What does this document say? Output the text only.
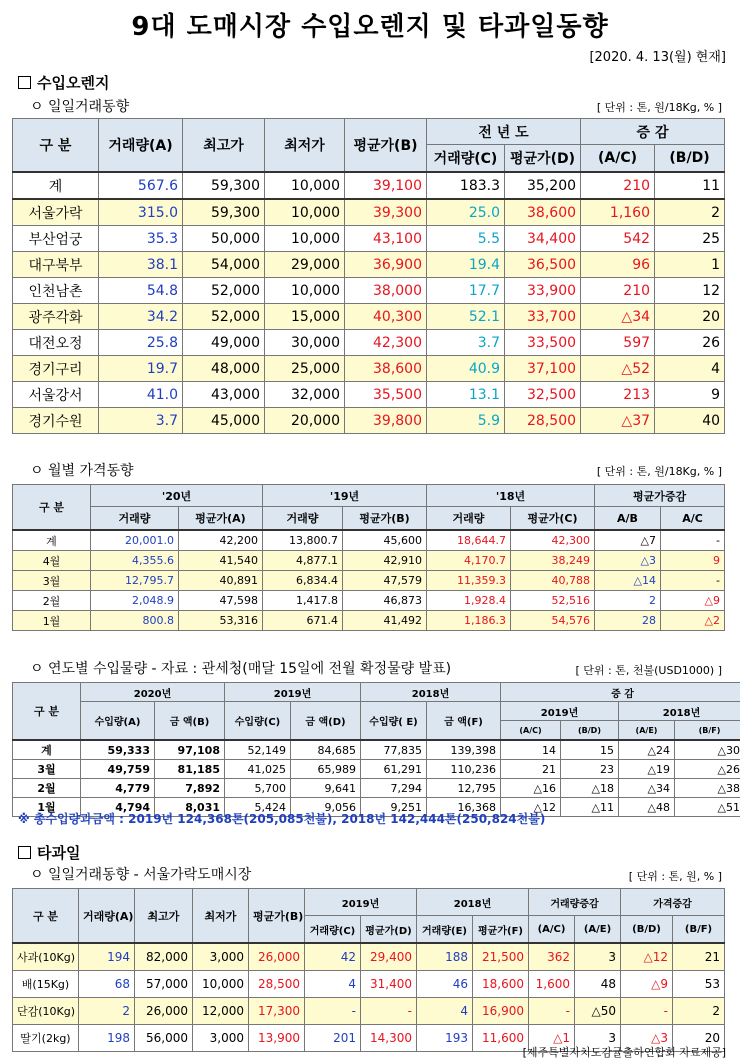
9대 도매시장 수입오렌지 및 타과일동향
[2020. 4. 13(월) 현재]
수입오렌지
ㅇ 일일거래동향	[ 단위 : 톤, 원/18Kg, % ]
구 분	거래량(A)	최고가	최저가	평균가(B)	전 년 도		증 감	
					거래량(C)	평균가(D)	(A/C)	(B/D)
계	567.6	59,300	10,000	39,100	183.3	35,200	210	11
서울가락	315.0	59,300	10,000	39,300	25.0	38,600	1,160	2
부산엄궁	35.3	50,000	10,000	43,100	5.5	34,400	542	25
대구북부	38.1	54,000	29,000	36,900	19.4	36,500	96	1
인천남촌	54.8	52,000	10,000	38,000	17.7	33,900	210	12
광주각화	34.2	52,000	15,000	40,300	52.1	33,700	△34	20
대전오정	25.8	49,000	30,000	42,300	3.7	33,500	597	26
경기구리	19.7	48,000	25,000	38,600	40.9	37,100	△52	4
서울강서	41.0	43,000	32,000	35,500	13.1	32,500	213	9
경기수원	3.7	45,000	20,000	39,800	5.9	28,500	△37	40
ㅇ 월별 가격동향	[ 단위 : 톤, 원/18Kg, % ]
구 분	'20년		'19년		'18년		평균가증감	
	거래량	평균가(A)	거래량	평균가(B)	거래량	평균가(C)	A/B	A/C
계	20,001.0	42,200	13,800.7	45,600	18,644.7	42,300	△7	-
4월	4,355.6	41,540	4,877.1	42,910	4,170.7	38,249	△3	9
3월	12,795.7	40,891	6,834.4	47,579	11,359.3	40,788	△14	-
2월	2,048.9	47,598	1,417.8	46,873	1,928.4	52,516	2	△9
1월	800.8	53,316	671.4	41,492	1,186.3	54,576	28	△2
ㅇ 연도별 수입물량 - 자료 : 관세청(매달 15일에 전월 확정물량 발표)	[ 단위 : 톤, 천불(USD1000) ]
구 분	2020년		2019년		2018년		증 감			
	수입량(A)	금 액(B)	수입량(C)	금 액(D)	수입량( E)	금 액(F)	2019년		2018년	
							(A/C)	(B/D)	(A/E)	(B/F)
계	59,333	97,108	52,149	84,685	77,835	139,398	14	15	△24	△30
3월	49,759	81,185	41,025	65,989	61,291	110,236	21	23	△19	△26
2월	4,779	7,892	5,700	9,641	7,294	12,795	△16	△18	△34	△38
1월	4,794	8,031	5,424	9,056	9,251	16,368	△12	△11	△48	△51
※ 총수입량과금액 : 2019년 124,368톤(205,085천불), 2018년 142,444톤(250,824천불)
타과일
ㅇ 일일거래동향 - 서울가락도매시장	[ 단위 : 톤, 원, % ]
구 분	거래량(A)	최고가	최저가	평균가(B)	2019년		2018년		거래량증감		가격증감	
					거래량(C)	평균가(D)	거래량(E)	평균가(F)	(A/C)	(A/E)	(B/D)	(B/F)
사과(10Kg)	194	82,000	3,000	26,000	42	29,400	188	21,500	362	3	△12	21
배(15Kg)	68	57,000	10,000	28,500	4	31,400	46	18,600	1,600	48	△9	53
단감(10Kg)	2	26,000	12,000	17,300	-	-	4	16,900	-	△50	-	2
딸기(2kg)	198	56,000	3,000	13,900	201	14,300	193	11,600	△1	3	△3	20
[제주특별자치도감귤출하연합회 자료제공]
